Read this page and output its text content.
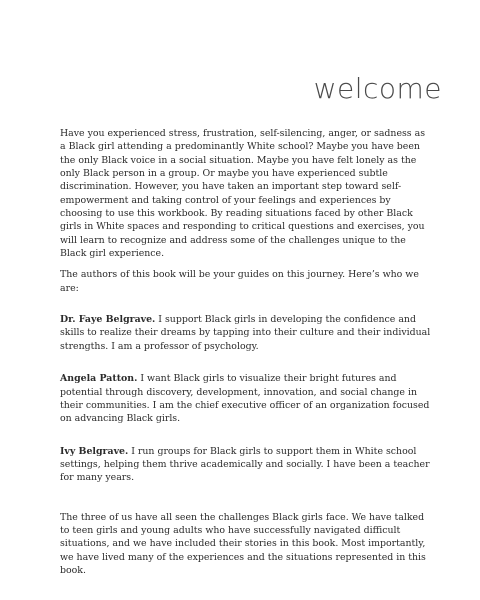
welcome

Have you experienced stress, frustration, self-silencing, anger, or sadness as a Black girl attending a predominantly White school? Maybe you have been the only Black voice in a social situation. Maybe you have felt lonely as the only Black person in a group. Or maybe you have experienced subtle discrimination. However, you have taken an important step toward self-empowerment and taking control of your feelings and experiences by choosing to use this workbook. By reading situations faced by other Black girls in White spaces and responding to critical questions and exercises, you will learn to recognize and address some of the challenges unique to the Black girl experience.

The authors of this book will be your guides on this journey. Here’s who we are:

Dr. Faye Belgrave. I support Black girls in developing the confidence and skills to realize their dreams by tapping into their culture and their individual strengths. I am a professor of psychology.

Angela Patton. I want Black girls to visualize their bright futures and potential through discovery, development, innovation, and social change in their communities. I am the chief executive officer of an organization focused on advancing Black girls.

Ivy Belgrave. I run groups for Black girls to support them in White school settings, helping them thrive academically and socially. I have been a teacher for many years.

The three of us have all seen the challenges Black girls face. We have talked to teen girls and young adults who have successfully navigated difficult situations, and we have included their stories in this book. Most importantly, we have lived many of the experiences and the situations represented in this book.
